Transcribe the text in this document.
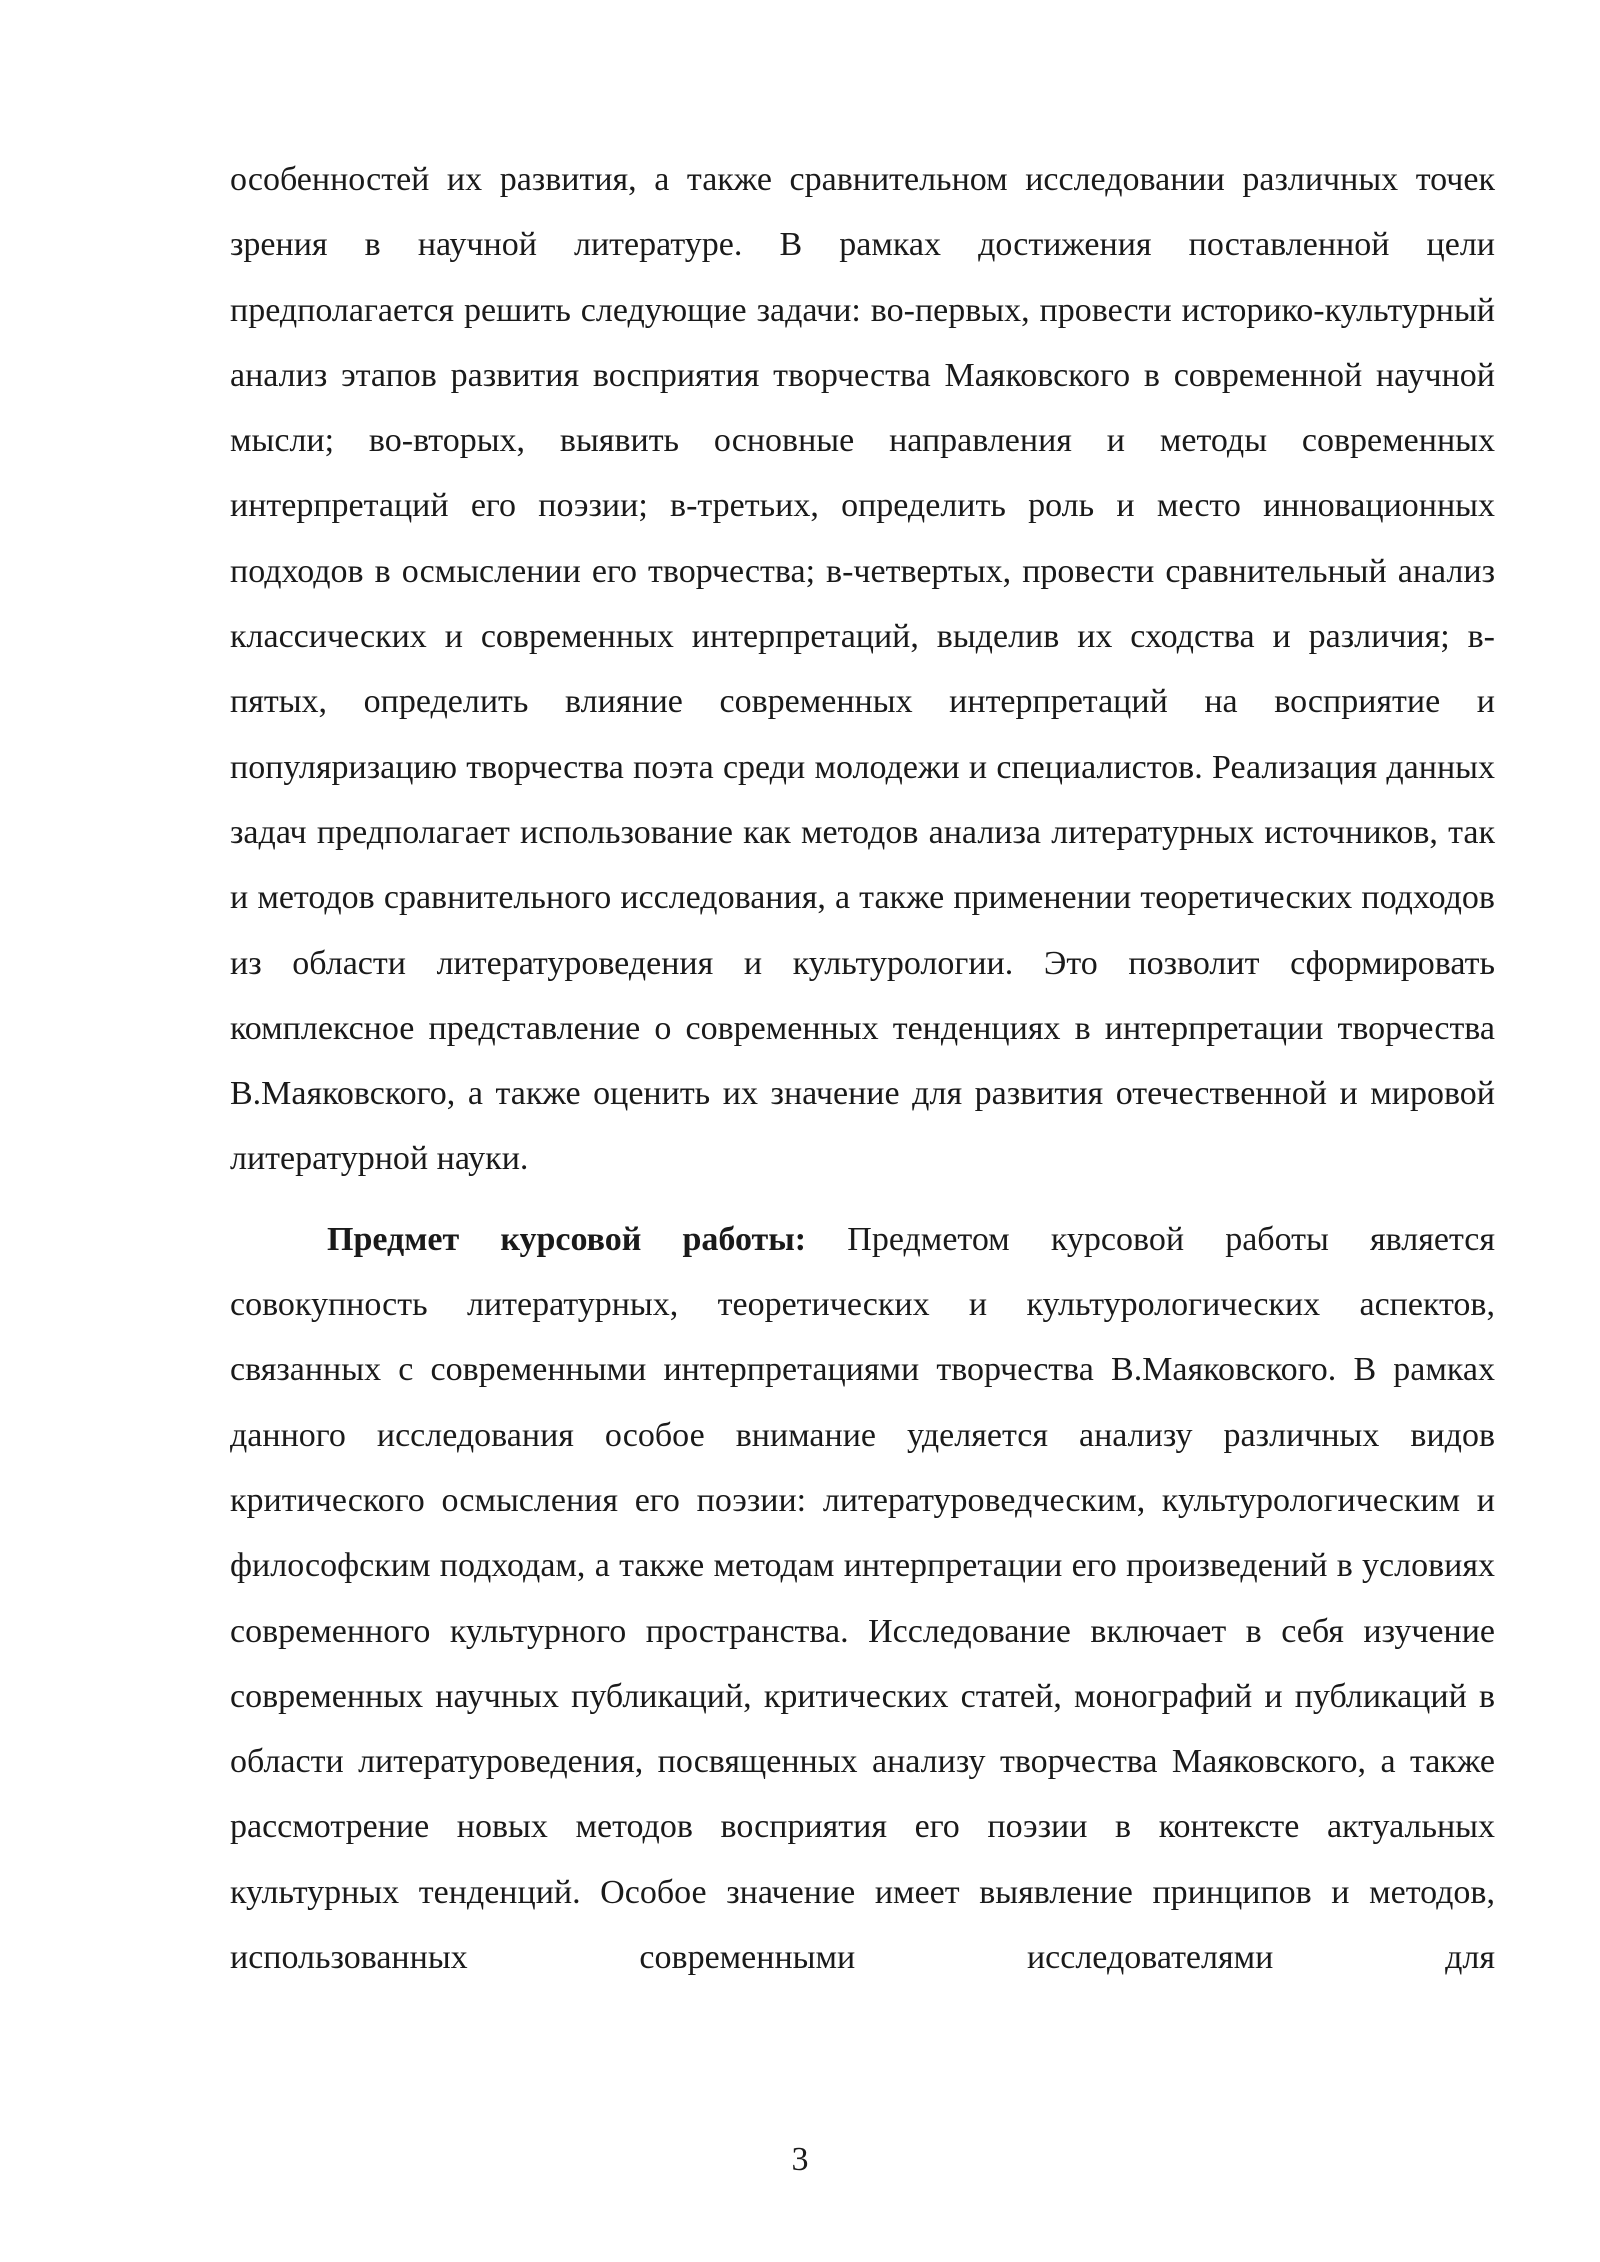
особенностей их развития, а также сравнительном исследовании различных точек зрения в научной литературе. В рамках достижения поставленной цели предполагается решить следующие задачи: во-первых, провести историко-культурный анализ этапов развития восприятия творчества Маяковского в современной научной мысли; во-вторых, выявить основные направления и методы современных интерпретаций его поэзии; в-третьих, определить роль и место инновационных подходов в осмыслении его творчества; в-четвертых, провести сравнительный анализ классических и современных интерпретаций, выделив их сходства и различия; в-пятых, определить влияние современных интерпретаций на восприятие и популяризацию творчества поэта среди молодежи и специалистов. Реализация данных задач предполагает использование как методов анализа литературных источников, так и методов сравнительного исследования, а также применении теоретических подходов из области литературоведения и культурологии. Это позволит сформировать комплексное представление о современных тенденциях в интерпретации творчества В.Маяковского, а также оценить их значение для развития отечественной и мировой литературной науки.

Предмет курсовой работы: Предметом курсовой работы является совокупность литературных, теоретических и культурологических аспектов, связанных с современными интерпретациями творчества В.Маяковского. В рамках данного исследования особое внимание уделяется анализу различных видов критического осмысления его поэзии: литературоведческим, культурологическим и философским подходам, а также методам интерпретации его произведений в условиях современного культурного пространства. Исследование включает в себя изучение современных научных публикаций, критических статей, монографий и публикаций в области литературоведения, посвященных анализу творчества Маяковского, а также рассмотрение новых методов восприятия его поэзии в контексте актуальных культурных тенденций. Особое значение имеет выявление принципов и методов, использованных современными исследователями для

3
